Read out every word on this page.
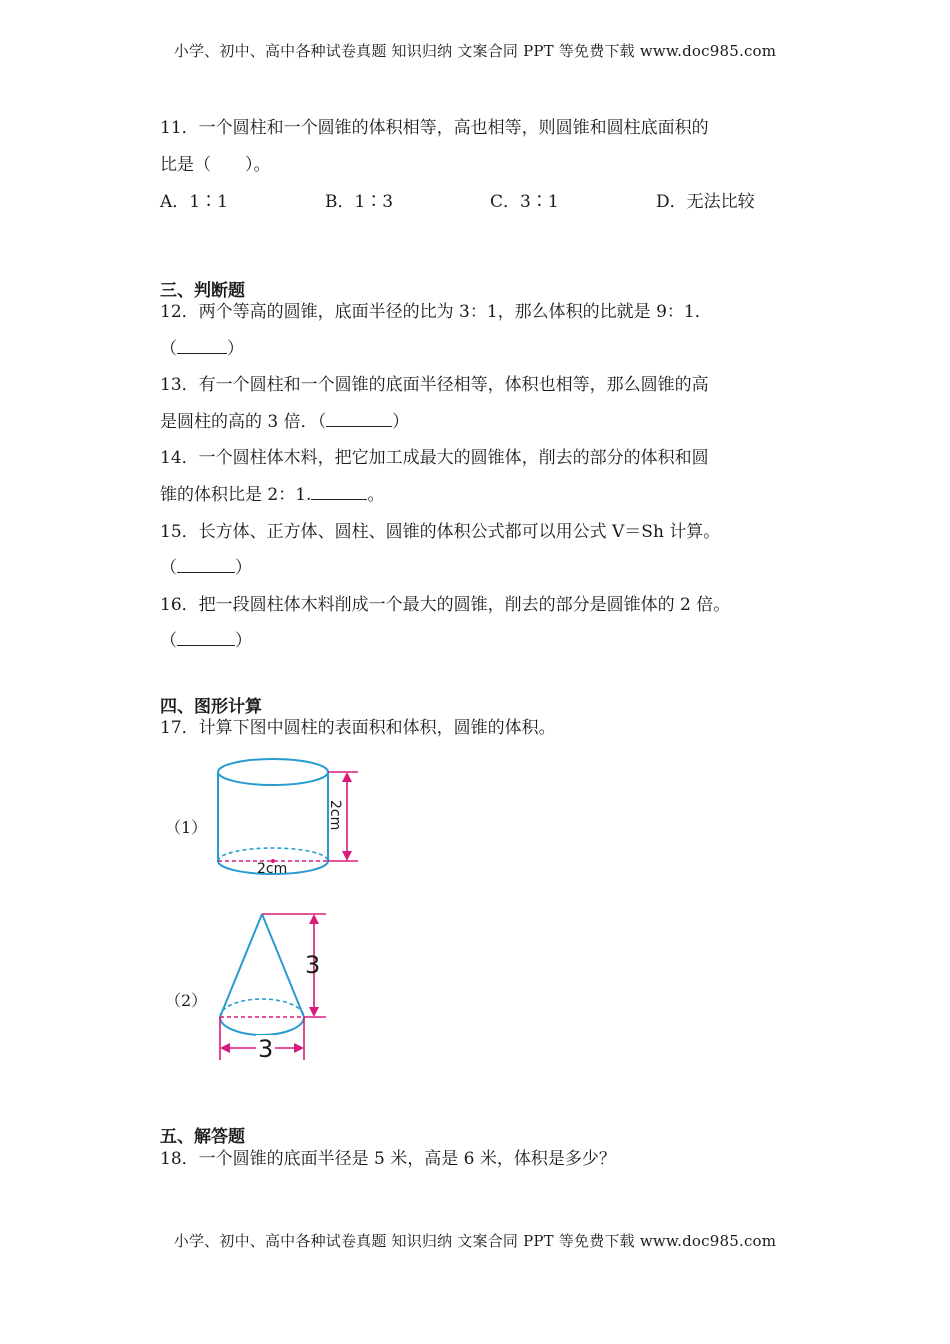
小学、初中、高中各种试卷真题 知识归纳 文案合同 PPT 等免费下载 www.doc985.com
11．一个圆柱和一个圆锥的体积相等，高也相等，则圆锥和圆柱底面积的
比是（　　）。
A．1∶1	B．1∶3	C．3∶1	D．无法比较
三、判断题
12．两个等高的圆锥，底面半径的比为 3：1，那么体积的比就是 9：1．
（	）
13．有一个圆柱和一个圆锥的底面半径相等，体积也相等，那么圆锥的高
是圆柱的高的 3 倍．（	）
14．一个圆柱体木料，把它加工成最大的圆锥体，削去的部分的体积和圆
锥的体积比是 2：1.	。
15．长方体、正方体、圆柱、圆锥的体积公式都可以用公式 V＝Sh 计算。
（	）
16．把一段圆柱体木料削成一个最大的圆锥，削去的部分是圆锥体的 2 倍。
（	）
四、图形计算
17．计算下图中圆柱的表面积和体积，圆锥的体积。
（1）	2cm
2cm
（2）
3
3
五、解答题
18．一个圆锥的底面半径是 5 米，高是 6 米，体积是多少？
小学、初中、高中各种试卷真题 知识归纳 文案合同 PPT 等免费下载 www.doc985.com
